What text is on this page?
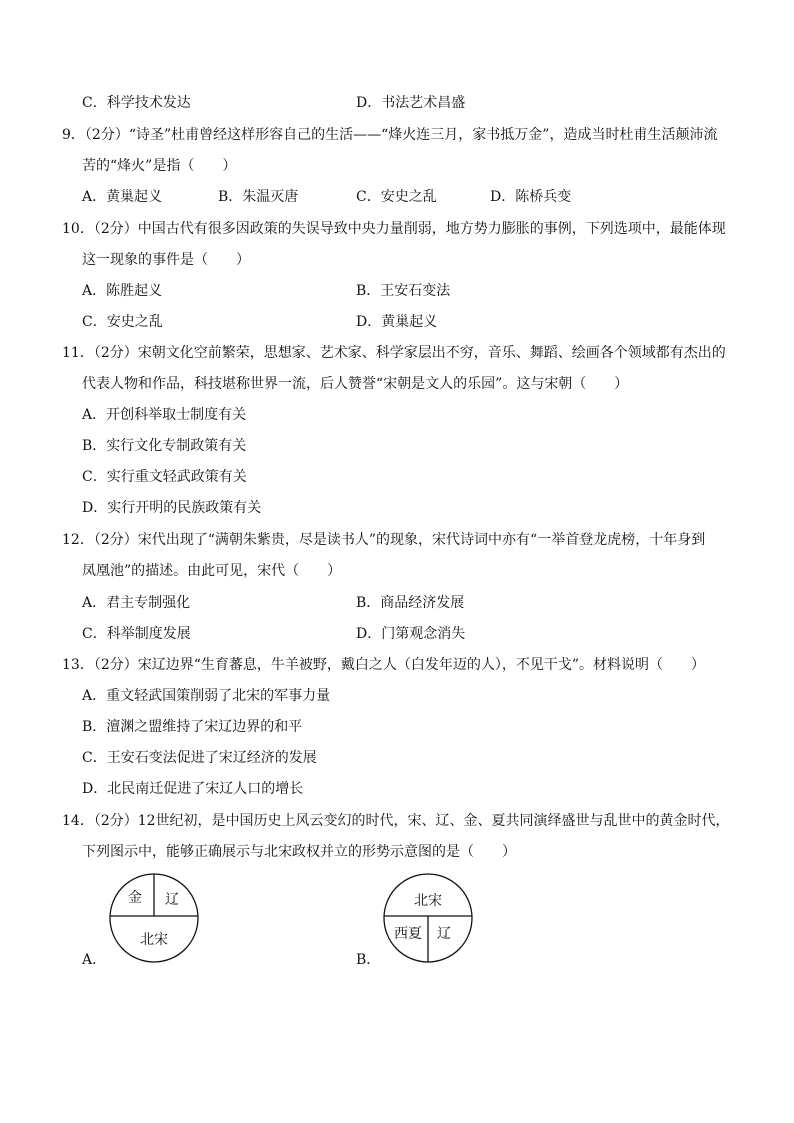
C．科学技术发达	D．书法艺术昌盛
9．（2分）“诗圣”杜甫曾经这样形容自己的生活——“烽火连三月，家书抵万金”，造成当时杜甫生活颠沛流
苦的“烽火”是指（　　）
A．黄巢起义	B．朱温灭唐	C．安史之乱	D．陈桥兵变
10．（2分）中国古代有很多因政策的失误导致中央力量削弱，地方势力膨胀的事例，下列选项中，最能体现
这一现象的事件是（　　）
A．陈胜起义	B．王安石变法
C．安史之乱	D．黄巢起义
11．（2分）宋朝文化空前繁荣，思想家、艺术家、科学家层出不穷，音乐、舞蹈、绘画各个领域都有杰出的
代表人物和作品，科技堪称世界一流，后人赞誉“宋朝是文人的乐园”。这与宋朝（　　）
A．开创科举取士制度有关
B．实行文化专制政策有关
C．实行重文轻武政策有关
D．实行开明的民族政策有关
12．（2分）宋代出现了“满朝朱紫贵，尽是读书人”的现象，宋代诗词中亦有“一举首登龙虎榜，十年身到
凤凰池”的描述。由此可见，宋代（　　）
A．君主专制强化	B．商品经济发展
C．科举制度发展	D．门第观念消失
13．（2分）宋辽边界“生育蕃息，牛羊被野，戴白之人（白发年迈的人），不见干戈”。材料说明（　　）
A．重文轻武国策削弱了北宋的军事力量
B．澶渊之盟维持了宋辽边界的和平
C．王安石变法促进了宋辽经济的发展
D．北民南迁促进了宋辽人口的增长
14．（2分）12世纪初，是中国历史上风云变幻的时代，宋、辽、金、夏共同演绎盛世与乱世中的黄金时代，
下列图示中，能够正确展示与北宋政权并立的形势示意图的是（　　）
A．
金 辽
北宋
B．
北宋
西夏 辽
